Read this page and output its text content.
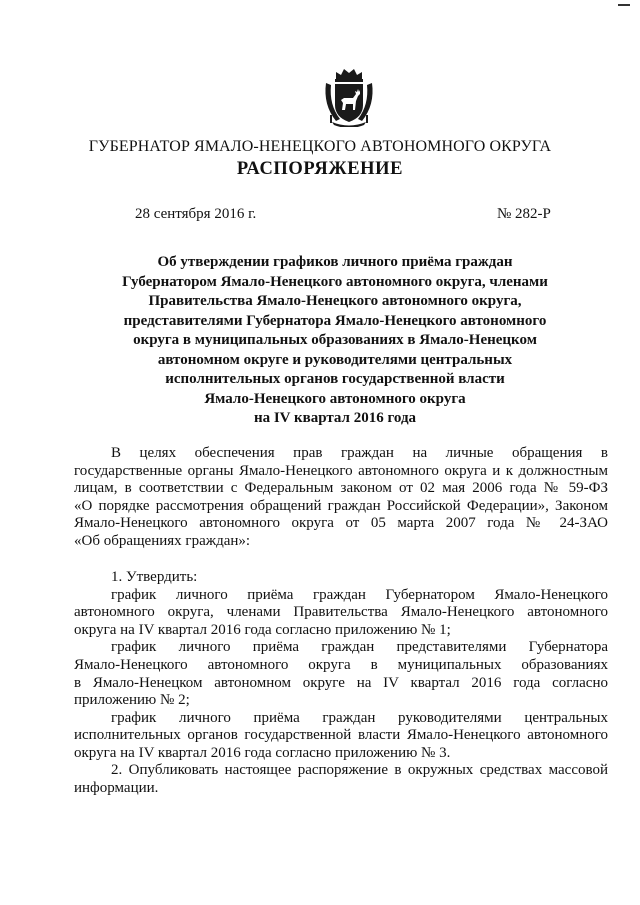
ГУБЕРНАТОР ЯМАЛО-НЕНЕЦКОГО АВТОНОМНОГО ОКРУГА
РАСПОРЯЖЕНИЕ
28 сентября 2016 г.	№ 282-Р
Об утверждении графиков личного приёма граждан
Губернатором Ямало-Ненецкого автономного округа, членами
Правительства Ямало-Ненецкого автономного округа,
представителями Губернатора Ямало-Ненецкого автономного
округа в муниципальных образованиях в Ямало-Ненецком
автономном округе и руководителями центральных
исполнительных органов государственной власти
Ямало-Ненецкого автономного округа
на IV квартал 2016 года
В целях обеспечения прав граждан на личные обращения в
государственные органы Ямало-Ненецкого автономного округа и к должностным
лицам, в соответствии с Федеральным законом от 02 мая 2006 года № 59-ФЗ
«О порядке рассмотрения обращений граждан Российской Федерации», Законом
Ямало-Ненецкого автономного округа от 05 марта 2007 года № 24-ЗАО
«Об обращениях граждан»:
1. Утвердить:
график личного приёма граждан Губернатором Ямало-Ненецкого
автономного округа, членами Правительства Ямало-Ненецкого автономного
округа на IV квартал 2016 года согласно приложению № 1;
график личного приёма граждан представителями Губернатора
Ямало-Ненецкого автономного округа в муниципальных образованиях
в Ямало-Ненецком автономном округе на IV квартал 2016 года согласно
приложению № 2;
график личного приёма граждан руководителями центральных
исполнительных органов государственной власти Ямало-Ненецкого автономного
округа на IV квартал 2016 года согласно приложению № 3.
2. Опубликовать настоящее распоряжение в окружных средствах массовой
информации.
